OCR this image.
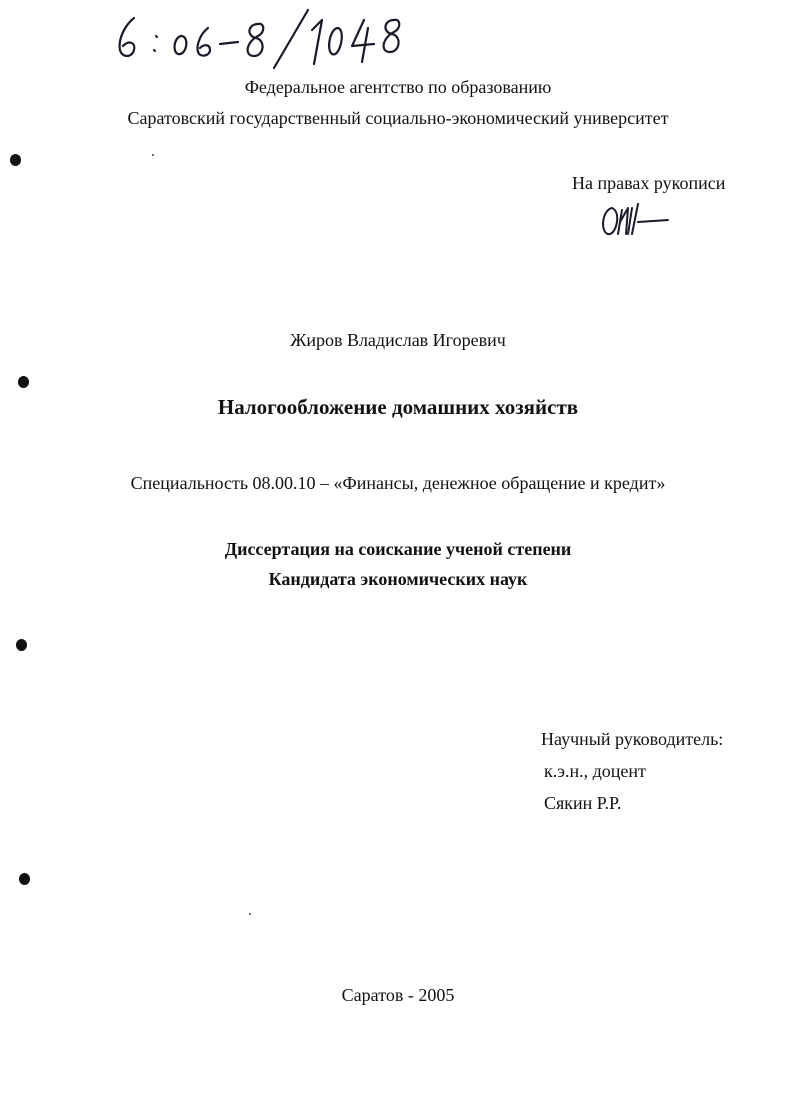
Федеральное агентство по образованию
Саратовский государственный социально-экономический университет
На правах рукописи
Жиров Владислав Игоревич
Налогообложение домашних хозяйств
Специальность 08.00.10 – «Финансы, денежное обращение и кредит»
Диссертация на соискание ученой степени
Кандидата экономических наук
Научный руководитель:
к.э.н., доцент
Сякин Р.Р.
Саратов - 2005
